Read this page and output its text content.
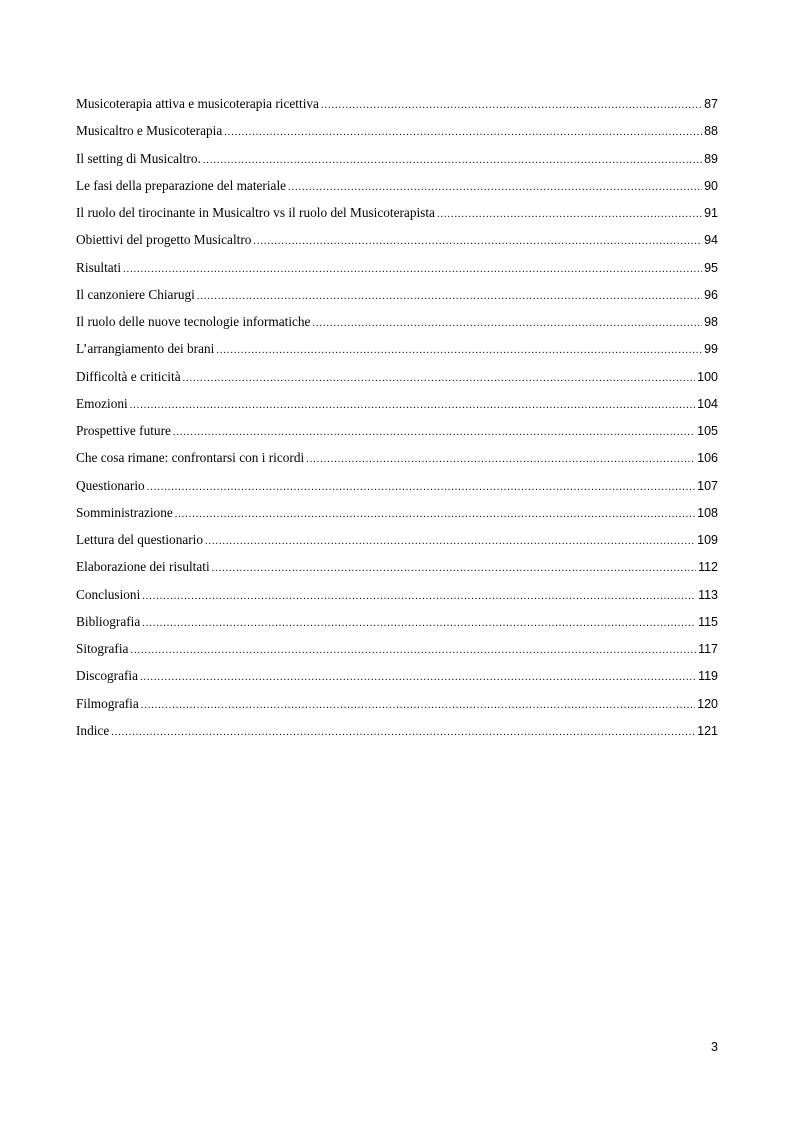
Musicoterapia attiva e musicoterapia ricettiva .....	87
Musicaltro e Musicoterapia .....	88
Il setting di Musicaltro. .....	89
Le fasi della preparazione del materiale .....	90
Il ruolo del tirocinante in Musicaltro vs il ruolo del Musicoterapista .....	91
Obiettivi del progetto Musicaltro .....	94
Risultati .....	95
Il canzoniere Chiarugi .....	96
Il ruolo delle nuove tecnologie informatiche .....	98
L’arrangiamento dei brani .....	99
Difficoltà e criticità .....	100
Emozioni .....	104
Prospettive future .....	105
Che cosa rimane: confrontarsi con i ricordi .....	106
Questionario .....	107
Somministrazione .....	108
Lettura del questionario .....	109
Elaborazione dei risultati .....	112
Conclusioni .....	113
Bibliografia .....	115
Sitografia .....	117
Discografia .....	119
Filmografia .....	120
Indice .....	121
3
